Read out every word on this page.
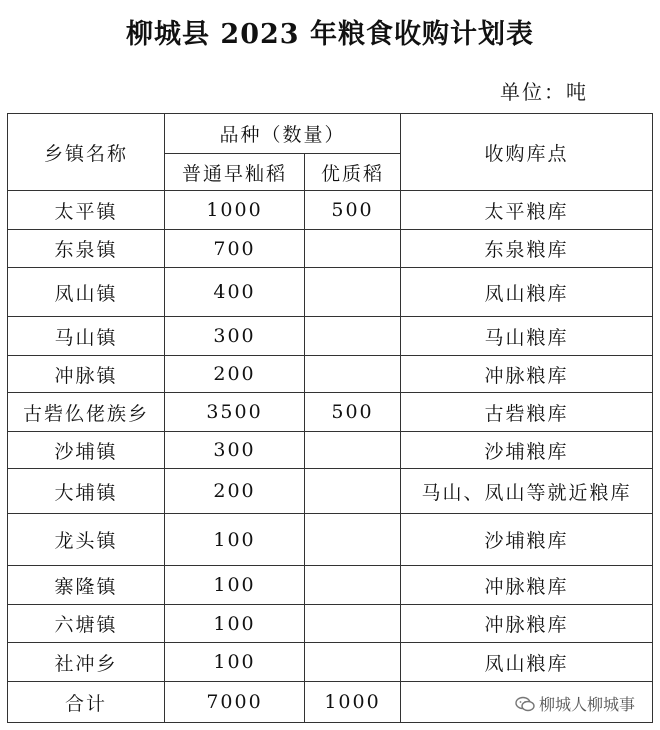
柳城县 2023 年粮食收购计划表
单位：吨
乡镇名称	品种（数量）		收购库点
	普通早籼稻	优质稻	
太平镇	1000	500	太平粮库
东泉镇	700		东泉粮库
凤山镇	400		凤山粮库
马山镇	300		马山粮库
冲脉镇	200		冲脉粮库
古砦仫佬族乡	3500	500	古砦粮库
沙埔镇	300		沙埔粮库
大埔镇	200		马山、凤山等就近粮库
龙头镇	100		沙埔粮库
寨隆镇	100		冲脉粮库
六塘镇	100		冲脉粮库
社冲乡	100		凤山粮库
合计	7000	1000		柳城人柳城事
